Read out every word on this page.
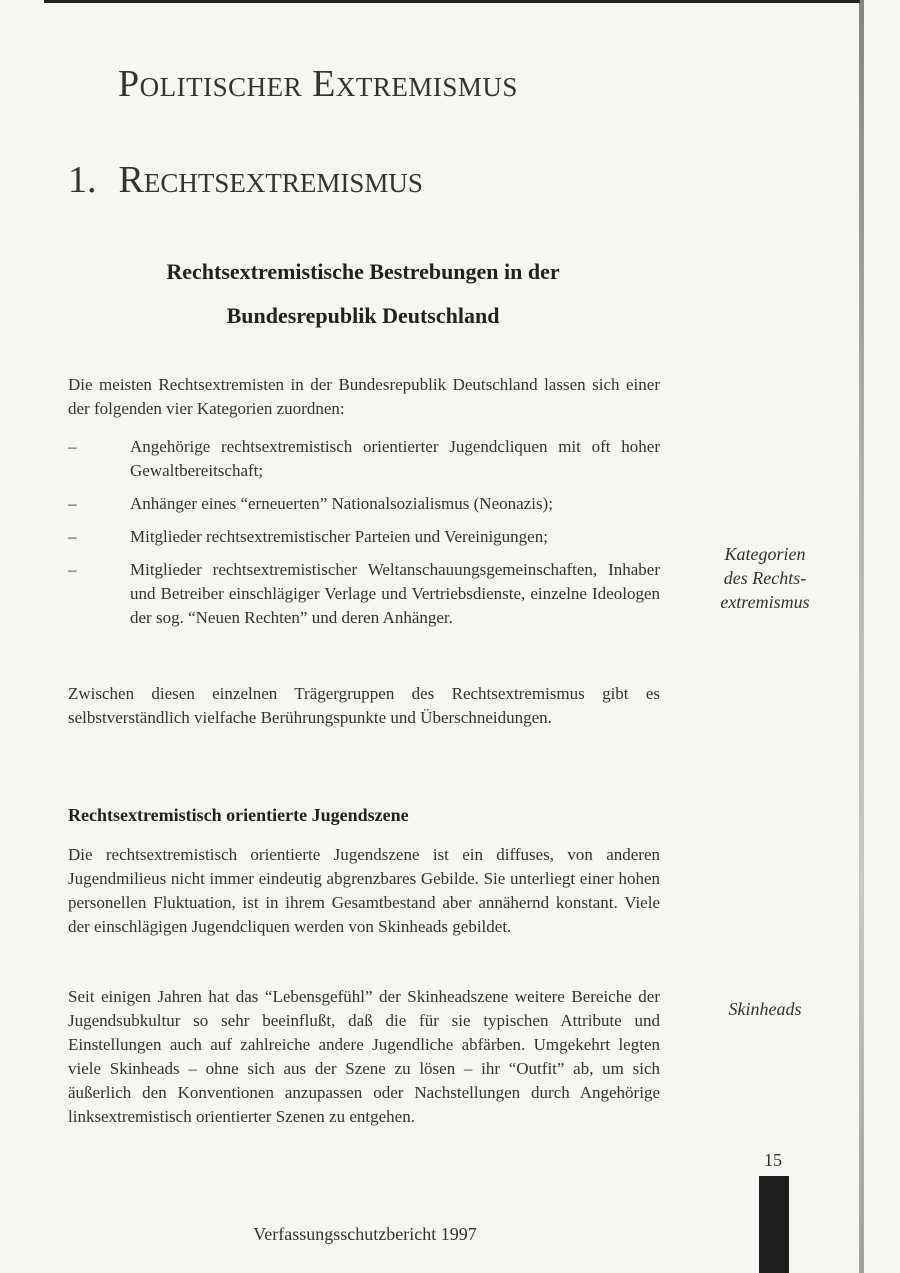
Politischer Extremismus
1. Rechtsextremismus
Rechtsextremistische Bestrebungen in der
Bundesrepublik Deutschland
Die meisten Rechtsextremisten in der Bundesrepublik Deutschland lassen sich einer der folgenden vier Kategorien zuordnen:
–	Angehörige rechtsextremistisch orientierter Jugendcliquen mit oft hoher Gewaltbereitschaft;
–	Anhänger eines “erneuerten” Nationalsozialismus (Neonazis);
–	Mitglieder rechtsextremistischer Parteien und Vereinigungen;
–	Mitglieder rechtsextremistischer Weltanschauungsgemeinschaften, Inhaber und Betreiber einschlägiger Verlage und Vertriebsdienste, einzelne Ideologen der sog. “Neuen Rechten” und deren Anhänger.
Zwischen diesen einzelnen Trägergruppen des Rechtsextremismus gibt es selbstverständlich vielfache Berührungspunkte und Überschneidungen.
Rechtsextremistisch orientierte Jugendszene
Die rechtsextremistisch orientierte Jugendszene ist ein diffuses, von anderen Jugendmilieus nicht immer eindeutig abgrenzbares Gebilde. Sie unterliegt einer hohen personellen Fluktuation, ist in ihrem Gesamtbestand aber annähernd konstant. Viele der einschlägigen Jugendcliquen werden von Skinheads gebildet.
Seit einigen Jahren hat das “Lebensgefühl” der Skinheadszene weitere Bereiche der Jugendsubkultur so sehr beeinflußt, daß die für sie typischen Attribute und Einstellungen auch auf zahlreiche andere Jugendliche abfärben. Umgekehrt legten viele Skinheads – ohne sich aus der Szene zu lösen – ihr “Outfit” ab, um sich äußerlich den Konventionen anzupassen oder Nachstellungen durch Angehörige linksextremistisch orientierter Szenen zu entgehen.
Kategorien
des Rechts-
extremismus
Skinheads
15
Verfassungsschutzbericht 1997
